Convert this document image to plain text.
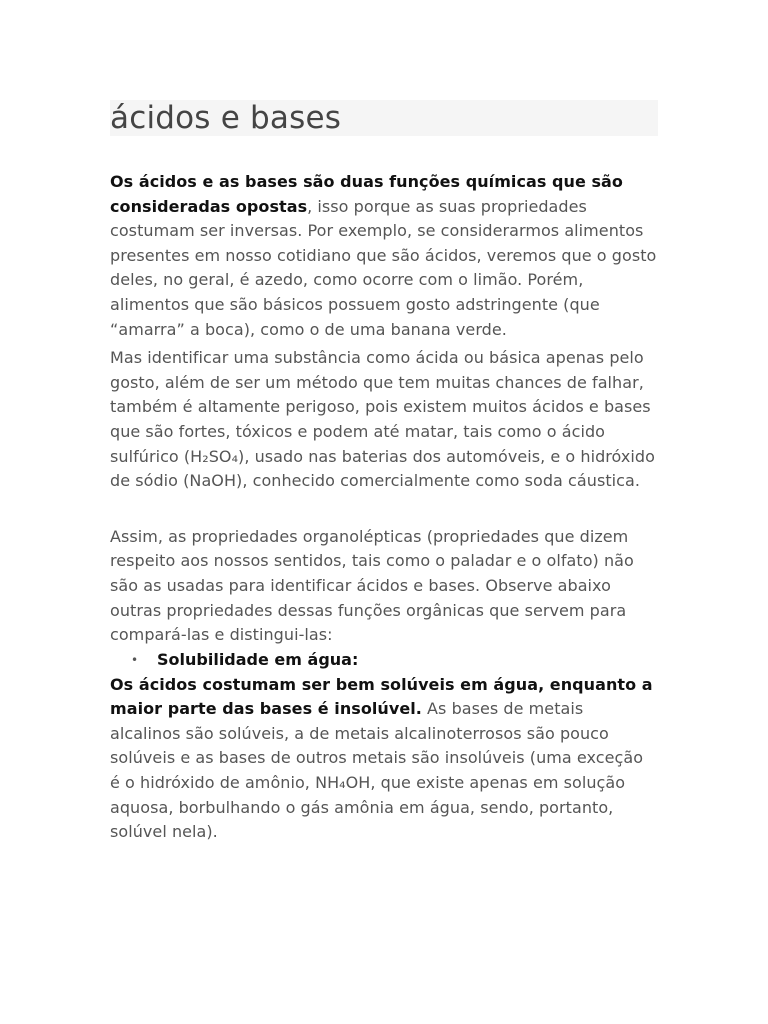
ácidos e bases

Os ácidos e as bases são duas funções químicas que são consideradas opostas, isso porque as suas propriedades costumam ser inversas. Por exemplo, se considerarmos alimentos presentes em nosso cotidiano que são ácidos, veremos que o gosto deles, no geral, é azedo, como ocorre com o limão. Porém, alimentos que são básicos possuem gosto adstringente (que “amarra” a boca), como o de uma banana verde.

Mas identificar uma substância como ácida ou básica apenas pelo gosto, além de ser um método que tem muitas chances de falhar, também é altamente perigoso, pois existem muitos ácidos e bases que são fortes, tóxicos e podem até matar, tais como o ácido sulfúrico (H₂SO₄), usado nas baterias dos automóveis, e o hidróxido de sódio (NaOH), conhecido comercialmente como soda cáustica.

Assim, as propriedades organolépticas (propriedades que dizem respeito aos nossos sentidos, tais como o paladar e o olfato) não são as usadas para identificar ácidos e bases. Observe abaixo outras propriedades dessas funções orgânicas que servem para compará-las e distingui-las:

• Solubilidade em água:

Os ácidos costumam ser bem solúveis em água, enquanto a maior parte das bases é insolúvel. As bases de metais alcalinos são solúveis, a de metais alcalinoterrosos são pouco solúveis e as bases de outros metais são insolúveis (uma exceção é o hidróxido de amônio, NH₄OH, que existe apenas em solução aquosa, borbulhando o gás amônia em água, sendo, portanto, solúvel nela).
